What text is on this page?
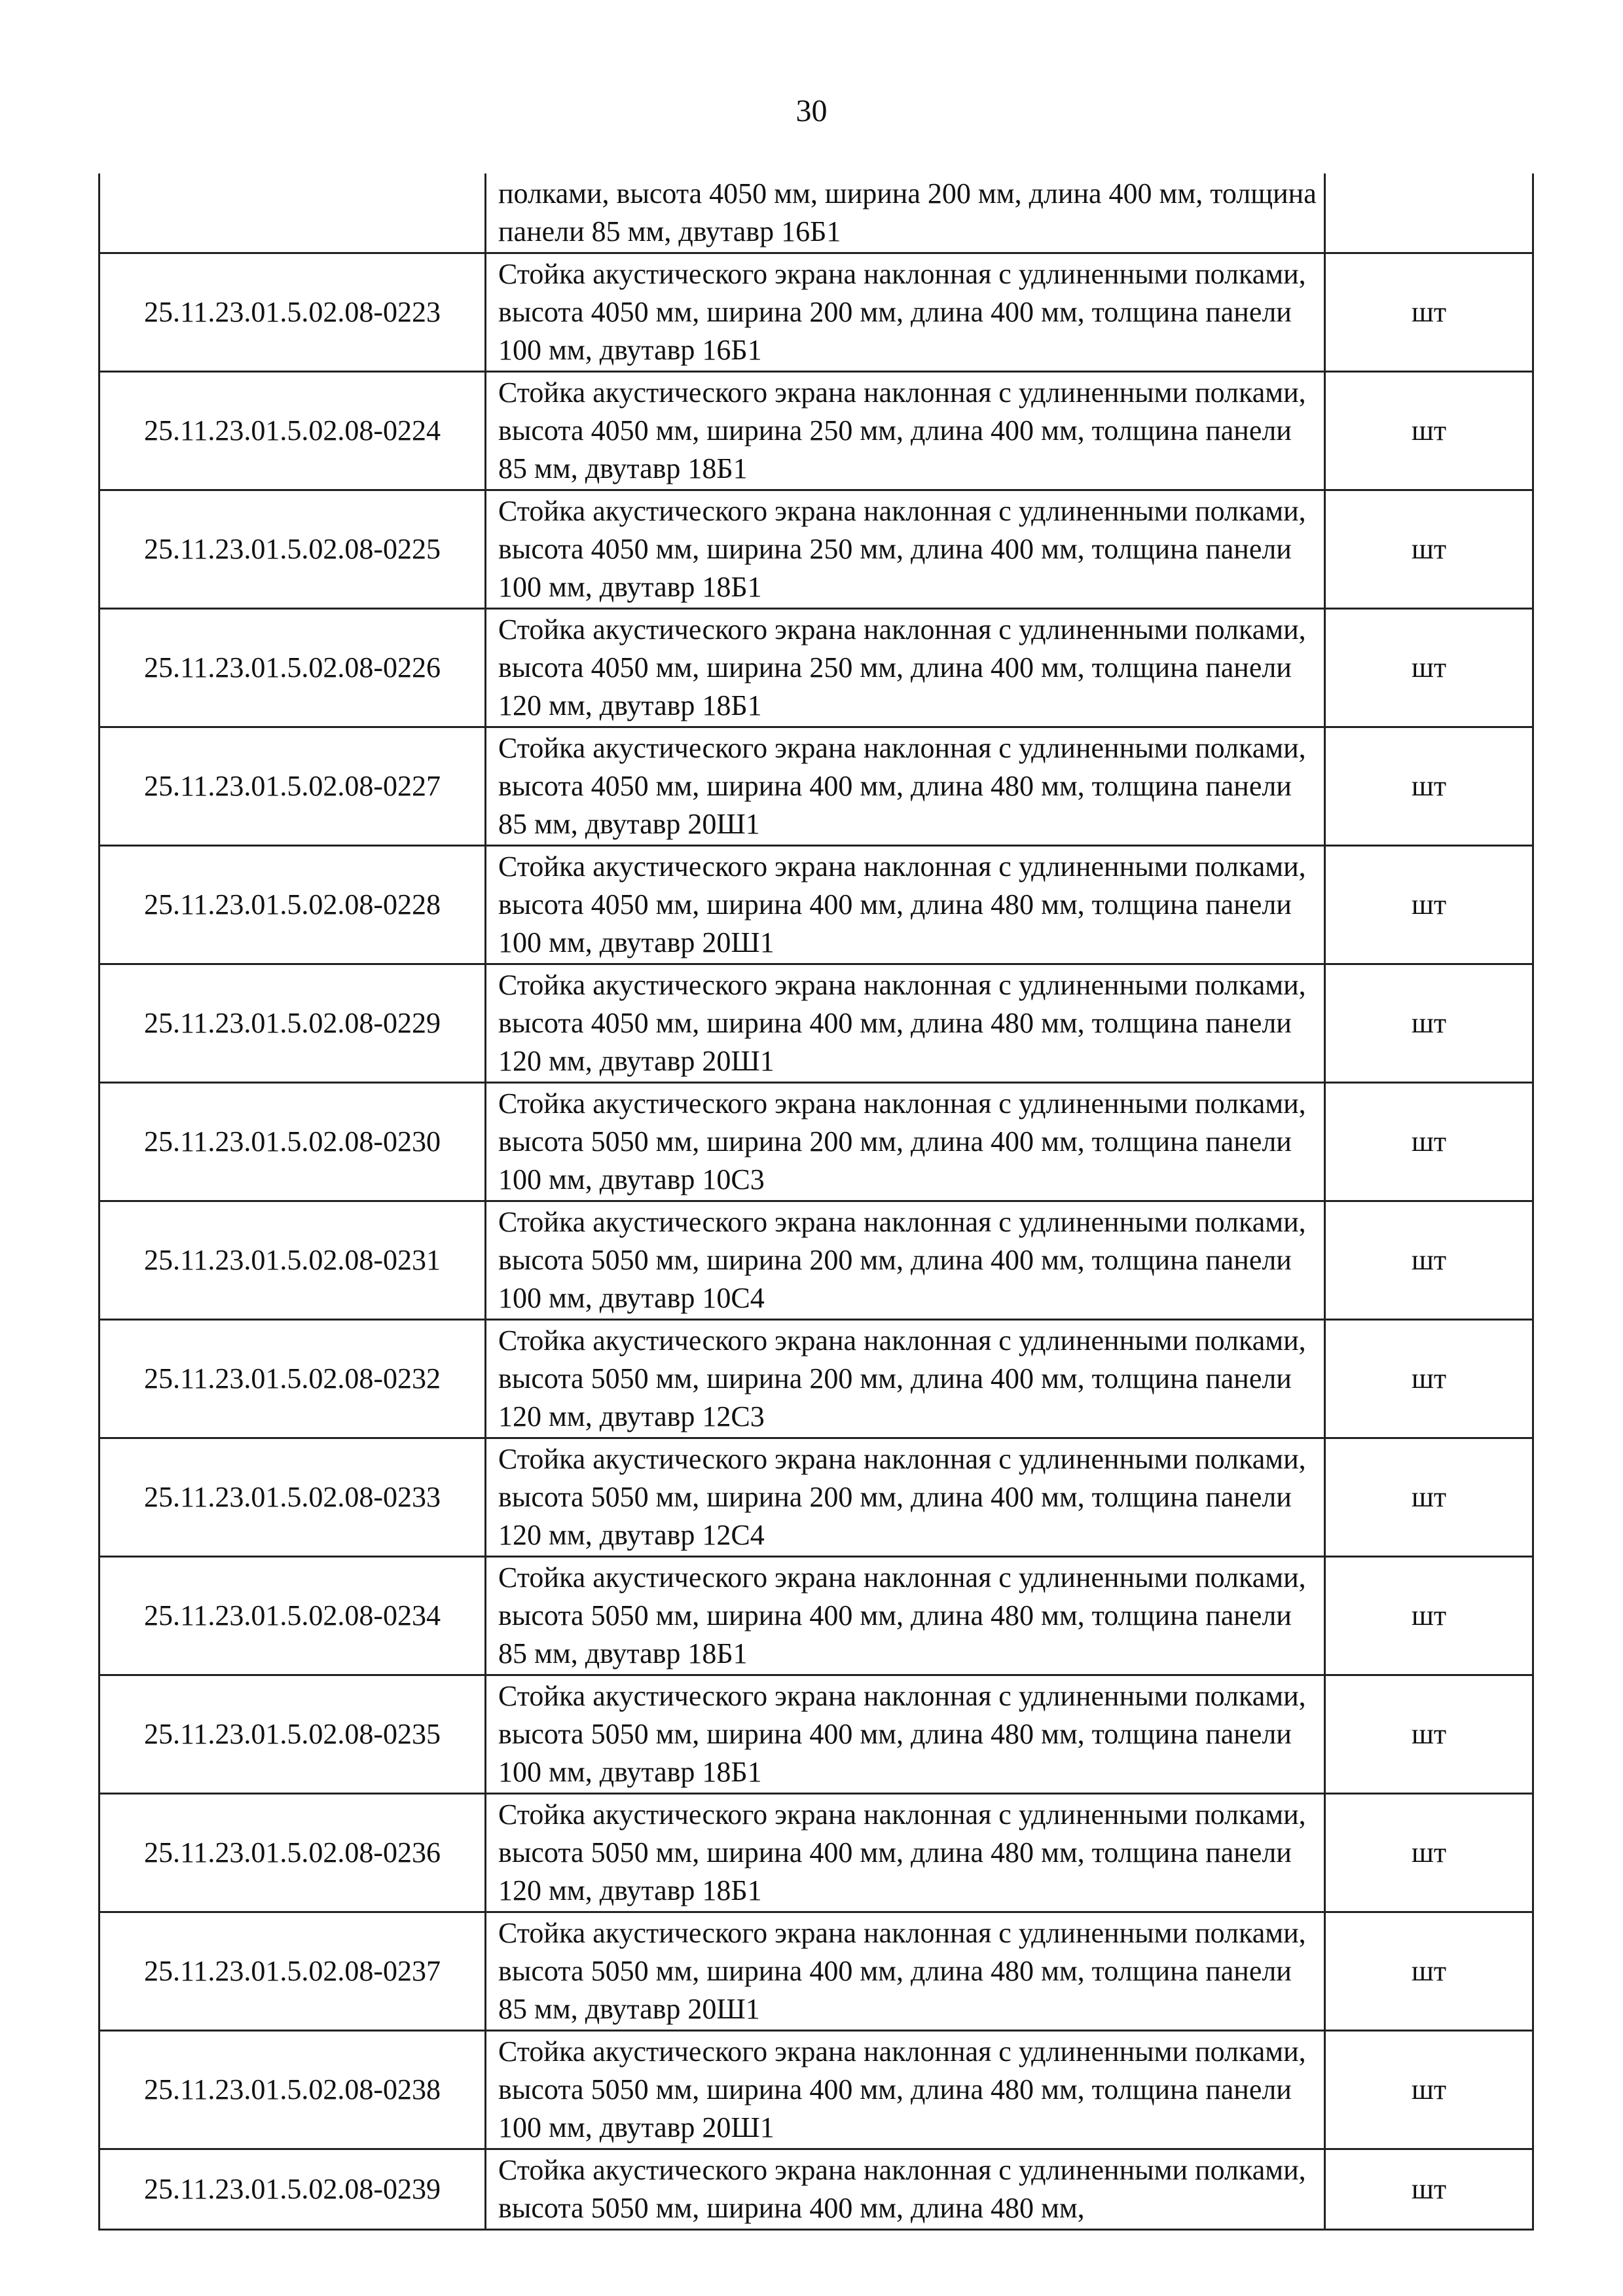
30
	полками, высота 4050 мм, ширина 200 мм, длина 400 мм, толщина панели 85 мм, двутавр 16Б1	
25.11.23.01.5.02.08-0223	Стойка акустического экрана наклонная с удлиненными полками, высота 4050 мм, ширина 200 мм, длина 400 мм, толщина панели 100 мм, двутавр 16Б1	шт
25.11.23.01.5.02.08-0224	Стойка акустического экрана наклонная с удлиненными полками, высота 4050 мм, ширина 250 мм, длина 400 мм, толщина панели 85 мм, двутавр 18Б1	шт
25.11.23.01.5.02.08-0225	Стойка акустического экрана наклонная с удлиненными полками, высота 4050 мм, ширина 250 мм, длина 400 мм, толщина панели 100 мм, двутавр 18Б1	шт
25.11.23.01.5.02.08-0226	Стойка акустического экрана наклонная с удлиненными полками, высота 4050 мм, ширина 250 мм, длина 400 мм, толщина панели 120 мм, двутавр 18Б1	шт
25.11.23.01.5.02.08-0227	Стойка акустического экрана наклонная с удлиненными полками, высота 4050 мм, ширина 400 мм, длина 480 мм, толщина панели 85 мм, двутавр 20Ш1	шт
25.11.23.01.5.02.08-0228	Стойка акустического экрана наклонная с удлиненными полками, высота 4050 мм, ширина 400 мм, длина 480 мм, толщина панели 100 мм, двутавр 20Ш1	шт
25.11.23.01.5.02.08-0229	Стойка акустического экрана наклонная с удлиненными полками, высота 4050 мм, ширина 400 мм, длина 480 мм, толщина панели 120 мм, двутавр 20Ш1	шт
25.11.23.01.5.02.08-0230	Стойка акустического экрана наклонная с удлиненными полками, высота 5050 мм, ширина 200 мм, длина 400 мм, толщина панели 100 мм, двутавр 10С3	шт
25.11.23.01.5.02.08-0231	Стойка акустического экрана наклонная с удлиненными полками, высота 5050 мм, ширина 200 мм, длина 400 мм, толщина панели 100 мм, двутавр 10С4	шт
25.11.23.01.5.02.08-0232	Стойка акустического экрана наклонная с удлиненными полками, высота 5050 мм, ширина 200 мм, длина 400 мм, толщина панели 120 мм, двутавр 12С3	шт
25.11.23.01.5.02.08-0233	Стойка акустического экрана наклонная с удлиненными полками, высота 5050 мм, ширина 200 мм, длина 400 мм, толщина панели 120 мм, двутавр 12С4	шт
25.11.23.01.5.02.08-0234	Стойка акустического экрана наклонная с удлиненными полками, высота 5050 мм, ширина 400 мм, длина 480 мм, толщина панели 85 мм, двутавр 18Б1	шт
25.11.23.01.5.02.08-0235	Стойка акустического экрана наклонная с удлиненными полками, высота 5050 мм, ширина 400 мм, длина 480 мм, толщина панели 100 мм, двутавр 18Б1	шт
25.11.23.01.5.02.08-0236	Стойка акустического экрана наклонная с удлиненными полками, высота 5050 мм, ширина 400 мм, длина 480 мм, толщина панели 120 мм, двутавр 18Б1	шт
25.11.23.01.5.02.08-0237	Стойка акустического экрана наклонная с удлиненными полками, высота 5050 мм, ширина 400 мм, длина 480 мм, толщина панели 85 мм, двутавр 20Ш1	шт
25.11.23.01.5.02.08-0238	Стойка акустического экрана наклонная с удлиненными полками, высота 5050 мм, ширина 400 мм, длина 480 мм, толщина панели 100 мм, двутавр 20Ш1	шт
25.11.23.01.5.02.08-0239	Стойка акустического экрана наклонная с удлиненными полками, высота 5050 мм, ширина 400 мм, длина 480 мм,	шт
